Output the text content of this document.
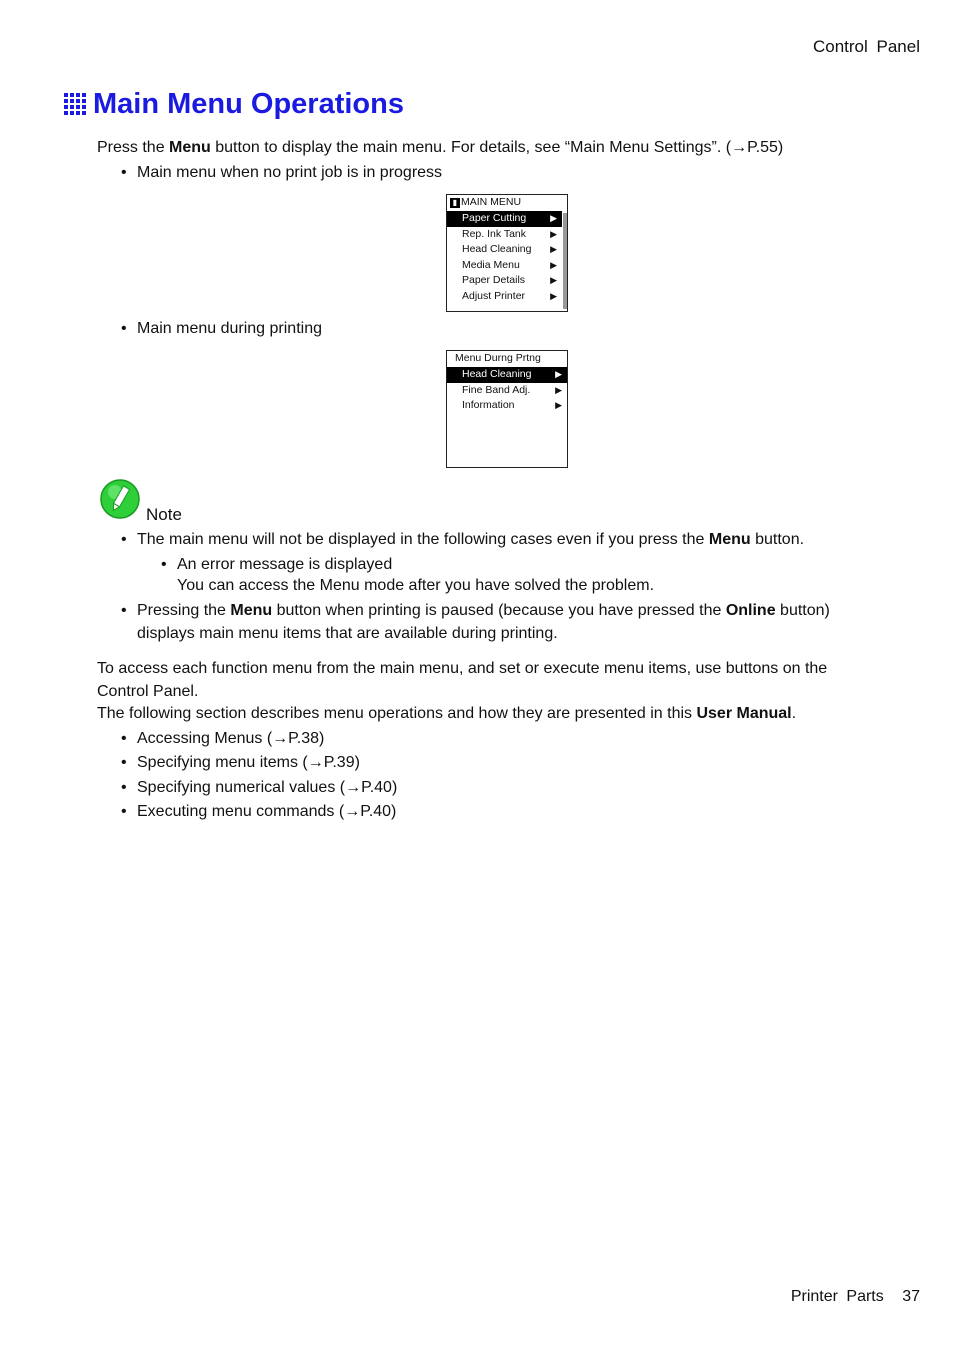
Control Panel
Main Menu Operations
Press the Menu button to display the main menu. For details, see “Main Menu Settings”. (→P.55)
• Main menu when no print job is in progress
▮ MAIN MENU
Paper Cutting	▶
Rep. Ink Tank	▶
Head Cleaning ▶
Media Menu	▶
Paper Details	▶
Adjust Printer	▶
• Main menu during printing
Menu Durng Prtng
Head Cleaning	▶
Fine Band Adj.	▶
Information	▶
Note
• The main menu will not be displayed in the following cases even if you press the Menu button.
• An error message is displayed
You can access the Menu mode after you have solved the problem.
• Pressing the Menu button when printing is paused (because you have pressed the Online button)
displays main menu items that are available during printing.
To access each function menu from the main menu, and set or execute menu items, use buttons on the
Control Panel.
The following section describes menu operations and how they are presented in this User Manual.
• Accessing Menus (→P.38)
• Specifying menu items (→P.39)
• Specifying numerical values (→P.40)
• Executing menu commands (→P.40)
Printer Parts 37
